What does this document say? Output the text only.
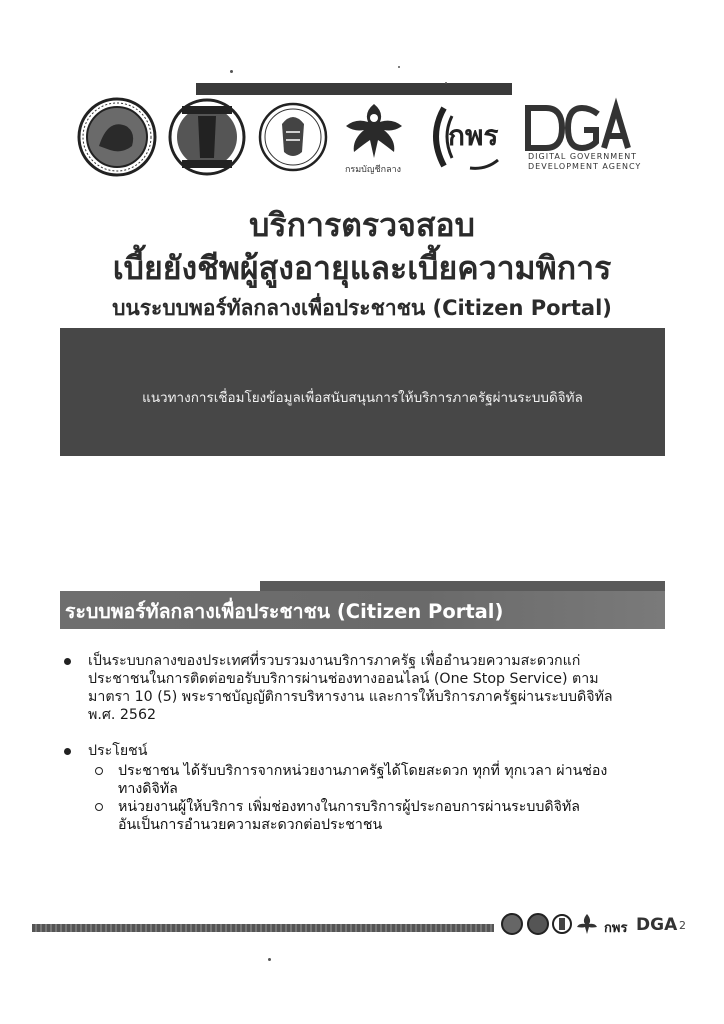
กรมบัญชีกลาง
กพร
DIGITAL GOVERNMENT
DEVELOPMENT AGENCY
บริการตรวจสอบ
เบี้ยยังชีพผู้สูงอายุและเบี้ยความพิการ
บนระบบพอร์ทัลกลางเพื่อประชาชน (Citizen Portal)
แนวทางการเชื่อมโยงข้อมูลเพื่อสนับสนุนการให้บริการภาครัฐผ่านระบบดิจิทัล
ระบบพอร์ทัลกลางเพื่อประชาชน (Citizen Portal)
เป็นระบบกลางของประเทศที่รวบรวมงานบริการภาครัฐ เพื่ออำนวยความสะดวกแก่
ประชาชนในการติดต่อขอรับบริการผ่านช่องทางออนไลน์ (One Stop Service) ตาม
มาตรา 10 (5) พระราชบัญญัติการบริหารงาน และการให้บริการภาครัฐผ่านระบบดิจิทัล
พ.ศ. 2562
ประโยชน์
ประชาชน ได้รับบริการจากหน่วยงานภาครัฐได้โดยสะดวก ทุกที่ ทุกเวลา ผ่านช่อง
ทางดิจิทัล
หน่วยงานผู้ให้บริการ เพิ่มช่องทางในการบริการผู้ประกอบการผ่านระบบดิจิทัล
อันเป็นการอำนวยความสะดวกต่อประชาชน
กพร DGA 2
